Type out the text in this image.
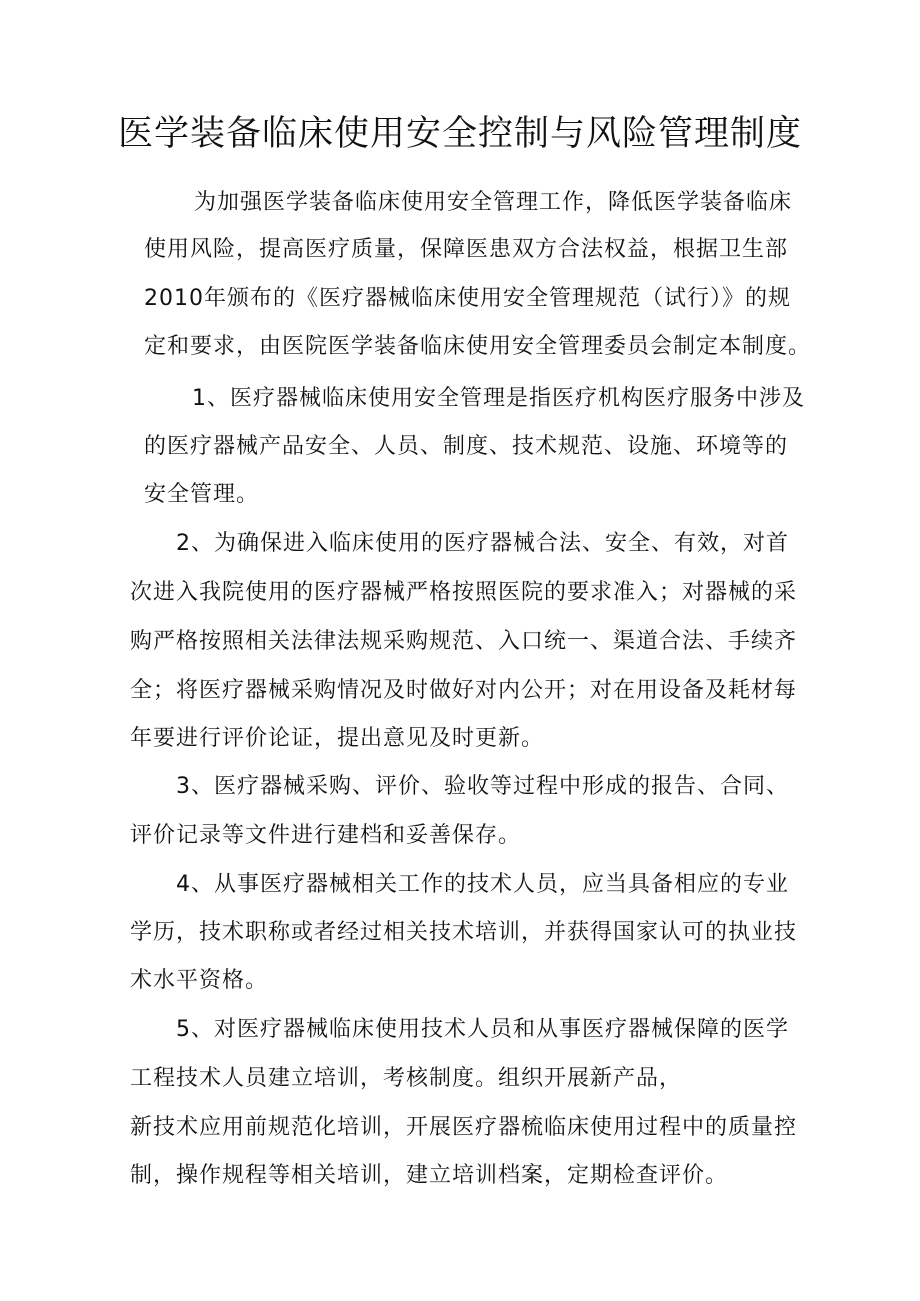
医学装备临床使用安全控制与风险管理制度
为加强医学装备临床使用安全管理工作，降低医学装备临床
使用风险，提高医疗质量，保障医患双方合法权益，根据卫生部
2010年颁布的《医疗器械临床使用安全管理规范（试行）》的规
定和要求，由医院医学装备临床使用安全管理委员会制定本制度。
1、医疗器械临床使用安全管理是指医疗机构医疗服务中涉及
的医疗器械产品安全、人员、制度、技术规范、设施、环境等的
安全管理。
2、为确保进入临床使用的医疗器械合法、安全、有效，对首
次进入我院使用的医疗器械严格按照医院的要求准入；对器械的采
购严格按照相关法律法规采购规范、入口统一、渠道合法、手续齐
全；将医疗器械采购情况及时做好对内公开；对在用设备及耗材每
年要进行评价论证，提出意见及时更新。
3、医疗器械采购、评价、验收等过程中形成的报告、合同、
评价记录等文件进行建档和妥善保存。
4、从事医疗器械相关工作的技术人员，应当具备相应的专业
学历，技术职称或者经过相关技术培训，并获得国家认可的执业技
术水平资格。
5、对医疗器械临床使用技术人员和从事医疗器械保障的医学
工程技术人员建立培训，考核制度。组织开展新产品，
新技术应用前规范化培训，开展医疗器梳临床使用过程中的质量控
制，操作规程等相关培训，建立培训档案，定期检查评价。
